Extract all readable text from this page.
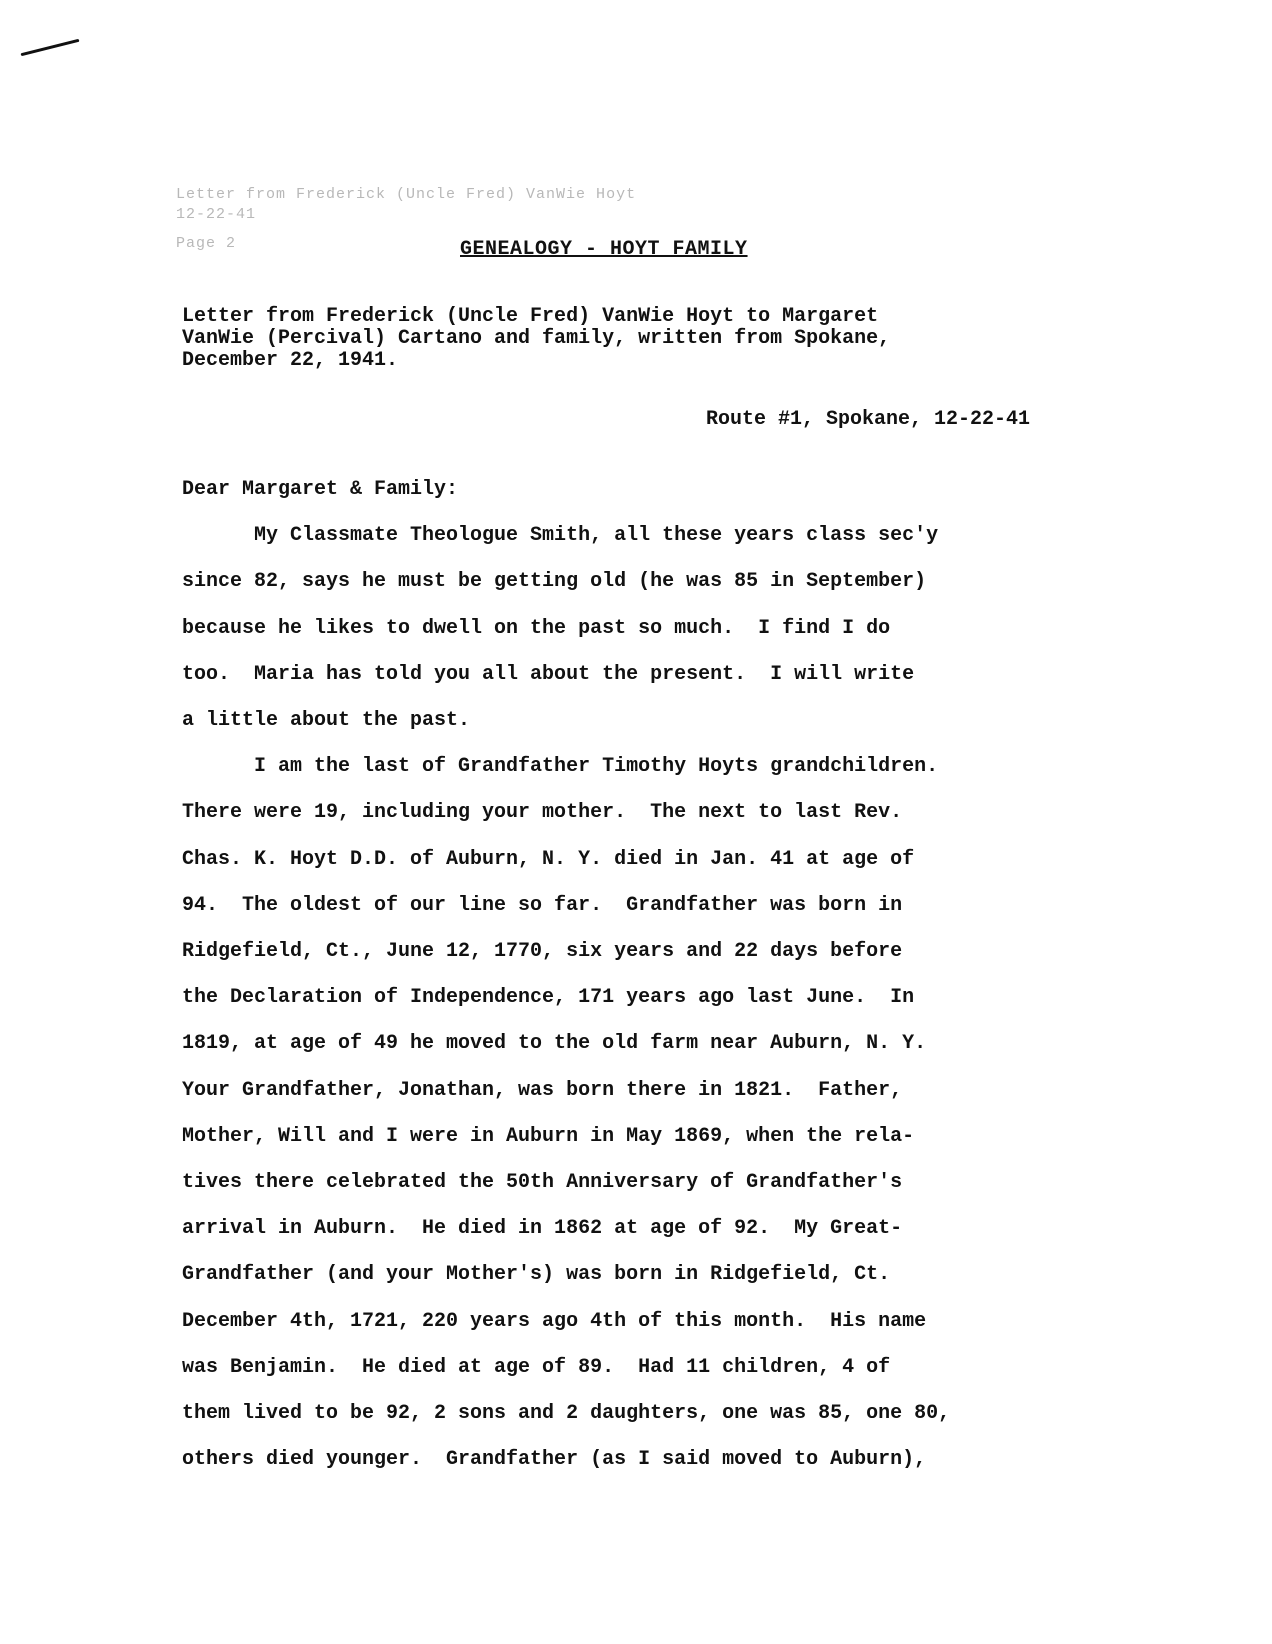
Letter from Frederick (Uncle Fred) VanWie Hoyt
12-22-41
Page 2	GENEALOGY - HOYT FAMILY
Letter from Frederick (Uncle Fred) VanWie Hoyt to Margaret
VanWie (Percival) Cartano and family, written from Spokane,
December 22, 1941.
Route #1, Spokane, 12-22-41
Dear Margaret & Family:
My Classmate Theologue Smith, all these years class sec'y
since 82, says he must be getting old (he was 85 in September)
because he likes to dwell on the past so much.  I find I do
too.  Maria has told you all about the present.  I will write
a little about the past.
I am the last of Grandfather Timothy Hoyts grandchildren.
There were 19, including your mother.  The next to last Rev.
Chas. K. Hoyt D.D. of Auburn, N. Y. died in Jan. 41 at age of
94.  The oldest of our line so far.  Grandfather was born in
Ridgefield, Ct., June 12, 1770, six years and 22 days before
the Declaration of Independence, 171 years ago last June.  In
1819, at age of 49 he moved to the old farm near Auburn, N. Y.
Your Grandfather, Jonathan, was born there in 1821.  Father,
Mother, Will and I were in Auburn in May 1869, when the rela-
tives there celebrated the 50th Anniversary of Grandfather's
arrival in Auburn.  He died in 1862 at age of 92.  My Great-
Grandfather (and your Mother's) was born in Ridgefield, Ct.
December 4th, 1721, 220 years ago 4th of this month.  His name
was Benjamin.  He died at age of 89.  Had 11 children, 4 of
them lived to be 92, 2 sons and 2 daughters, one was 85, one 80,
others died younger.  Grandfather (as I said moved to Auburn),
